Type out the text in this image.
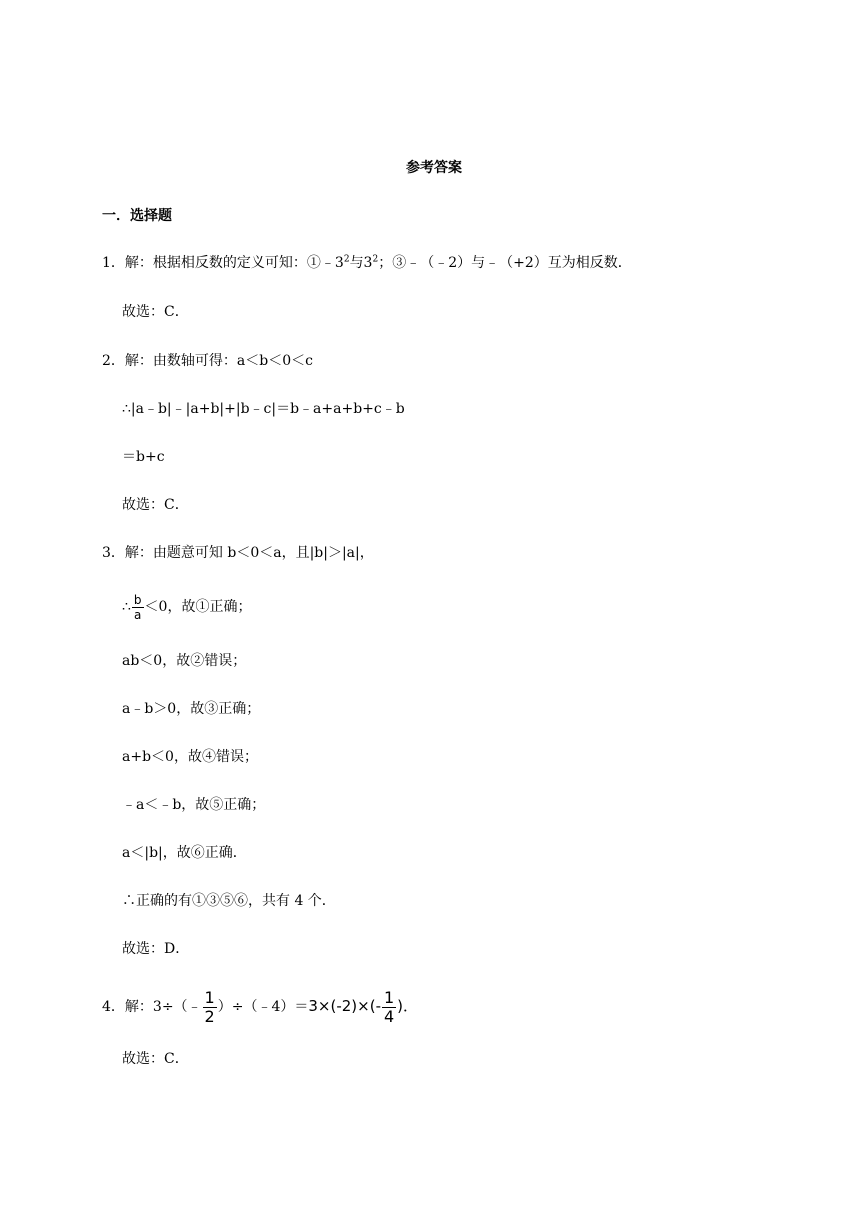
参考答案
一．选择题
1．解：根据相反数的定义可知：$①﹣3^2$与$3^2$；③﹣（﹣2）与﹣（+2）互为相反数．
故选：C．
2．解：由数轴可得：a＜b＜0＜c
∴|a﹣b|﹣|a+b|+|b﹣c|＝b﹣a+a+b+c﹣b
＝b+c
故选：C．
3．解：由题意可知 b＜0＜a，且|b|＞|a|，
∴ $\frac{b}{a} <0$，故①正确；
ab＜0，故②错误；
a﹣b＞0，故③正确；
a+b＜0，故④错误；
﹣a＜﹣b，故⑤正确；
a＜|b|，故⑥正确．
∴正确的有①③⑤⑥，共有 4 个．
故选：D．
4．解：3÷（﹣ $\frac{1}{2}$ ）÷（﹣4）＝3×(-2)×(- $\frac{1}{4}$ )．
故选：C．
